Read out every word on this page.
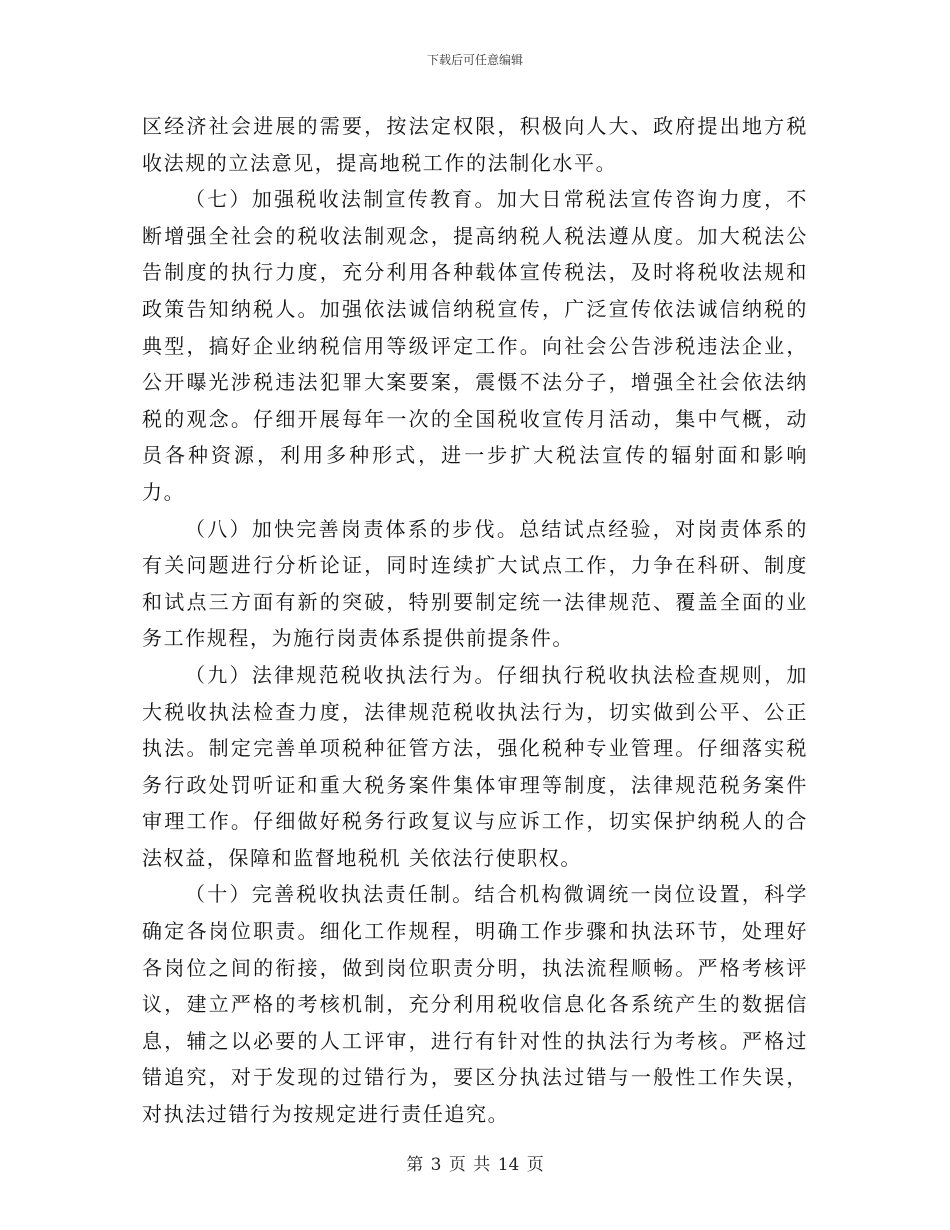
下载后可任意编辑

区经济社会进展的需要，按法定权限，积极向人大、政府提出地方税收法规的立法意见，提高地税工作的法制化水平。

（七）加强税收法制宣传教育。加大日常税法宣传咨询力度，不断增强全社会的税收法制观念，提高纳税人税法遵从度。加大税法公告制度的执行力度，充分利用各种载体宣传税法，及时将税收法规和政策告知纳税人。加强依法诚信纳税宣传，广泛宣传依法诚信纳税的典型，搞好企业纳税信用等级评定工作。向社会公告涉税违法企业，公开曝光涉税违法犯罪大案要案，震慑不法分子，增强全社会依法纳税的观念。仔细开展每年一次的全国税收宣传月活动，集中气概，动员各种资源，利用多种形式，进一步扩大税法宣传的辐射面和影响力。

（八）加快完善岗责体系的步伐。总结试点经验，对岗责体系的有关问题进行分析论证，同时连续扩大试点工作，力争在科研、制度和试点三方面有新的突破，特别要制定统一法律规范、覆盖全面的业务工作规程，为施行岗责体系提供前提条件。

（九）法律规范税收执法行为。仔细执行税收执法检查规则，加大税收执法检查力度，法律规范税收执法行为，切实做到公平、公正执法。制定完善单项税种征管方法，强化税种专业管理。仔细落实税务行政处罚听证和重大税务案件集体审理等制度，法律规范税务案件审理工作。仔细做好税务行政复议与应诉工作，切实保护纳税人的合法权益，保障和监督地税机 关依法行使职权。

（十）完善税收执法责任制。结合机构微调统一岗位设置，科学确定各岗位职责。细化工作规程，明确工作步骤和执法环节，处理好各岗位之间的衔接，做到岗位职责分明，执法流程顺畅。严格考核评议，建立严格的考核机制，充分利用税收信息化各系统产生的数据信息，辅之以必要的人工评审，进行有针对性的执法行为考核。严格过错追究，对于发现的过错行为，要区分执法过错与一般性工作失误，对执法过错行为按规定进行责任追究。

第 3 页 共 14 页
